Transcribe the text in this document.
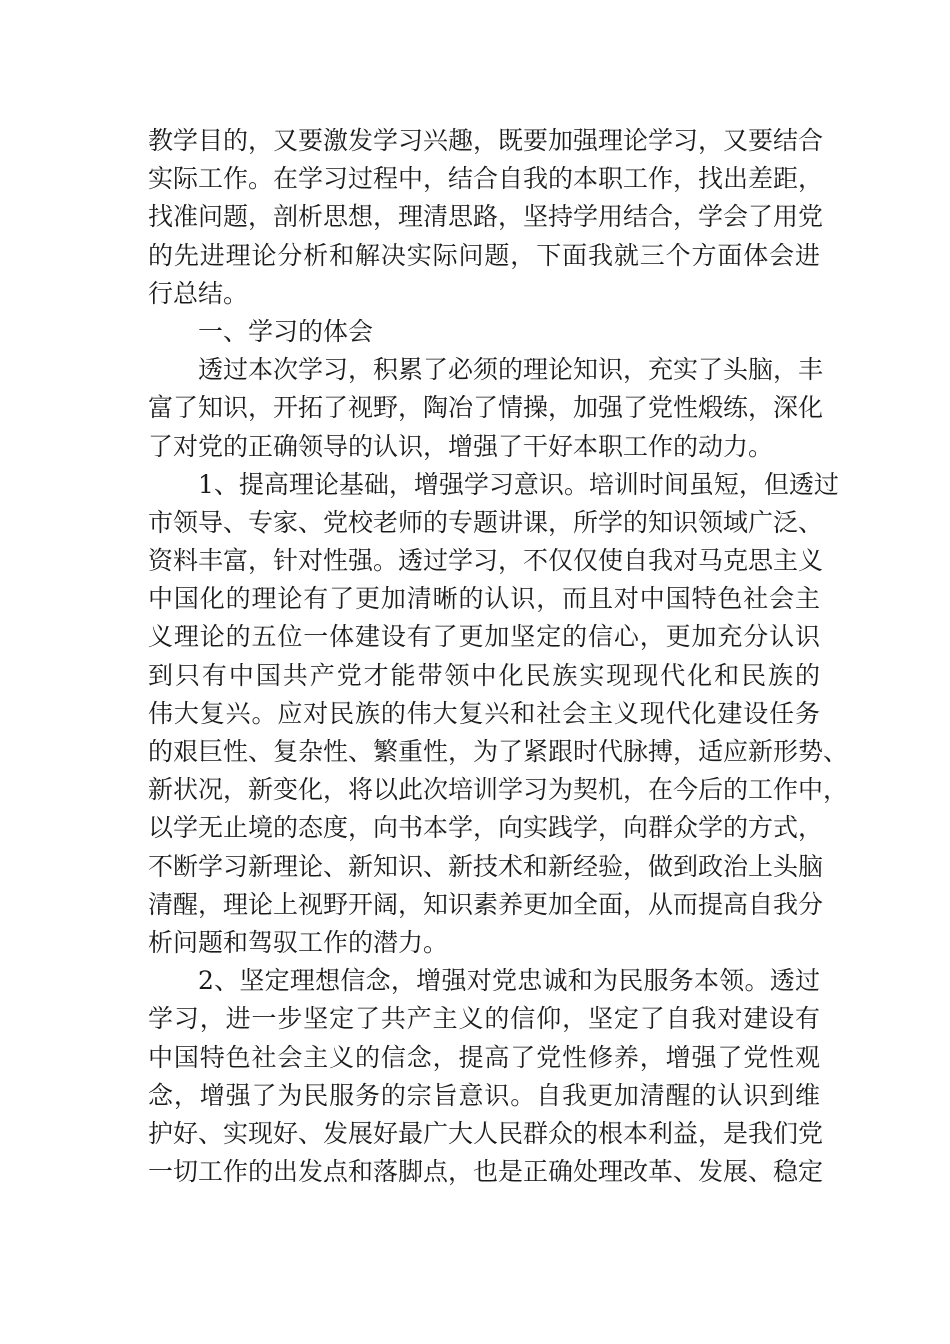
教学目的，又要激发学习兴趣，既要加强理论学习，又要结合
实际工作。在学习过程中，结合自我的本职工作，找出差距，
找准问题，剖析思想，理清思路，坚持学用结合，学会了用党
的先进理论分析和解决实际问题，下面我就三个方面体会进
行总结。
一、学习的体会
透过本次学习，积累了必须的理论知识，充实了头脑，丰
富了知识，开拓了视野，陶冶了情操，加强了党性煅练，深化
了对党的正确领导的认识，增强了干好本职工作的动力。
1、提高理论基础，增强学习意识。培训时间虽短，但透过
市领导、专家、党校老师的专题讲课，所学的知识领域广泛、
资料丰富，针对性强。透过学习，不仅仅使自我对马克思主义
中国化的理论有了更加清晰的认识，而且对中国特色社会主
义理论的五位一体建设有了更加坚定的信心，更加充分认识
到只有中国共产党才能带领中化民族实现现代化和民族的
伟大复兴。应对民族的伟大复兴和社会主义现代化建设任务
的艰巨性、复杂性、繁重性，为了紧跟时代脉搏，适应新形势、
新状况，新变化，将以此次培训学习为契机，在今后的工作中，
以学无止境的态度，向书本学，向实践学，向群众学的方式，
不断学习新理论、新知识、新技术和新经验，做到政治上头脑
清醒，理论上视野开阔，知识素养更加全面，从而提高自我分
析问题和驾驭工作的潜力。
2、坚定理想信念，增强对党忠诚和为民服务本领。透过
学习，进一步坚定了共产主义的信仰，坚定了自我对建设有
中国特色社会主义的信念，提高了党性修养，增强了党性观
念，增强了为民服务的宗旨意识。自我更加清醒的认识到维
护好、实现好、发展好最广大人民群众的根本利益，是我们党
一切工作的出发点和落脚点，也是正确处理改革、发展、稳定
